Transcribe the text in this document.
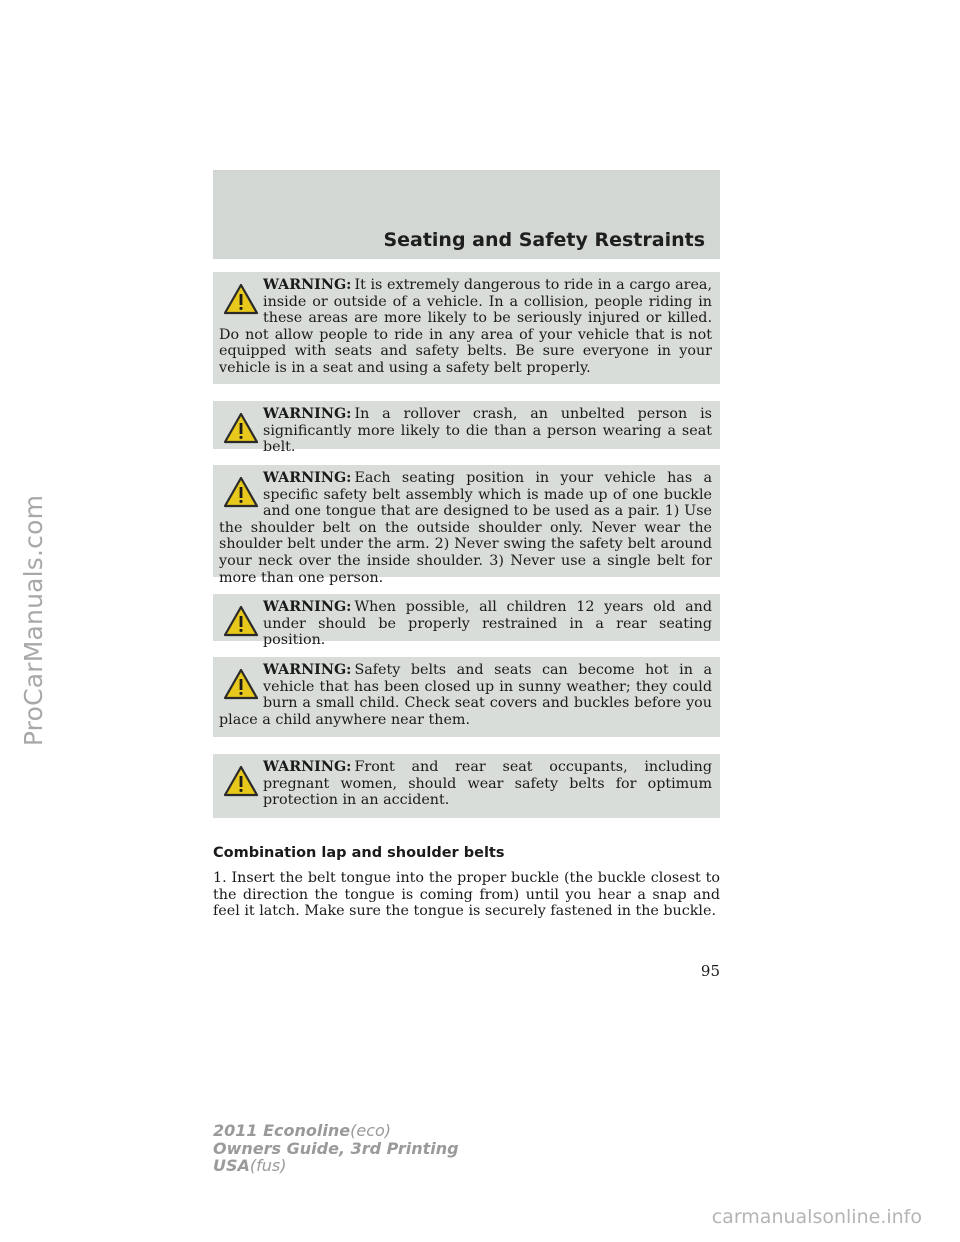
ProCarManuals.com
Seating and Safety Restraints
WARNING: It is extremely dangerous to ride in a cargo area, inside or outside of a vehicle. In a collision, people riding in these areas are more likely to be seriously injured or killed. Do not allow people to ride in any area of your vehicle that is not equipped with seats and safety belts. Be sure everyone in your vehicle is in a seat and using a safety belt properly.
WARNING: In a rollover crash, an unbelted person is significantly more likely to die than a person wearing a seat belt.
WARNING: Each seating position in your vehicle has a specific safety belt assembly which is made up of one buckle and one tongue that are designed to be used as a pair. 1) Use the shoulder belt on the outside shoulder only. Never wear the shoulder belt under the arm. 2) Never swing the safety belt around your neck over the inside shoulder. 3) Never use a single belt for more than one person.
WARNING: When possible, all children 12 years old and under should be properly restrained in a rear seating position.
WARNING: Safety belts and seats can become hot in a vehicle that has been closed up in sunny weather; they could burn a small child. Check seat covers and buckles before you place a child anywhere near them.
WARNING: Front and rear seat occupants, including pregnant women, should wear safety belts for optimum protection in an accident.
Combination lap and shoulder belts

1. Insert the belt tongue into the proper buckle (the buckle closest to the direction the tongue is coming from) until you hear a snap and feel it latch. Make sure the tongue is securely fastened in the buckle.

95
2011 Econoline(eco)
Owners Guide, 3rd Printing
USA(fus)
carmanualsonline.info
